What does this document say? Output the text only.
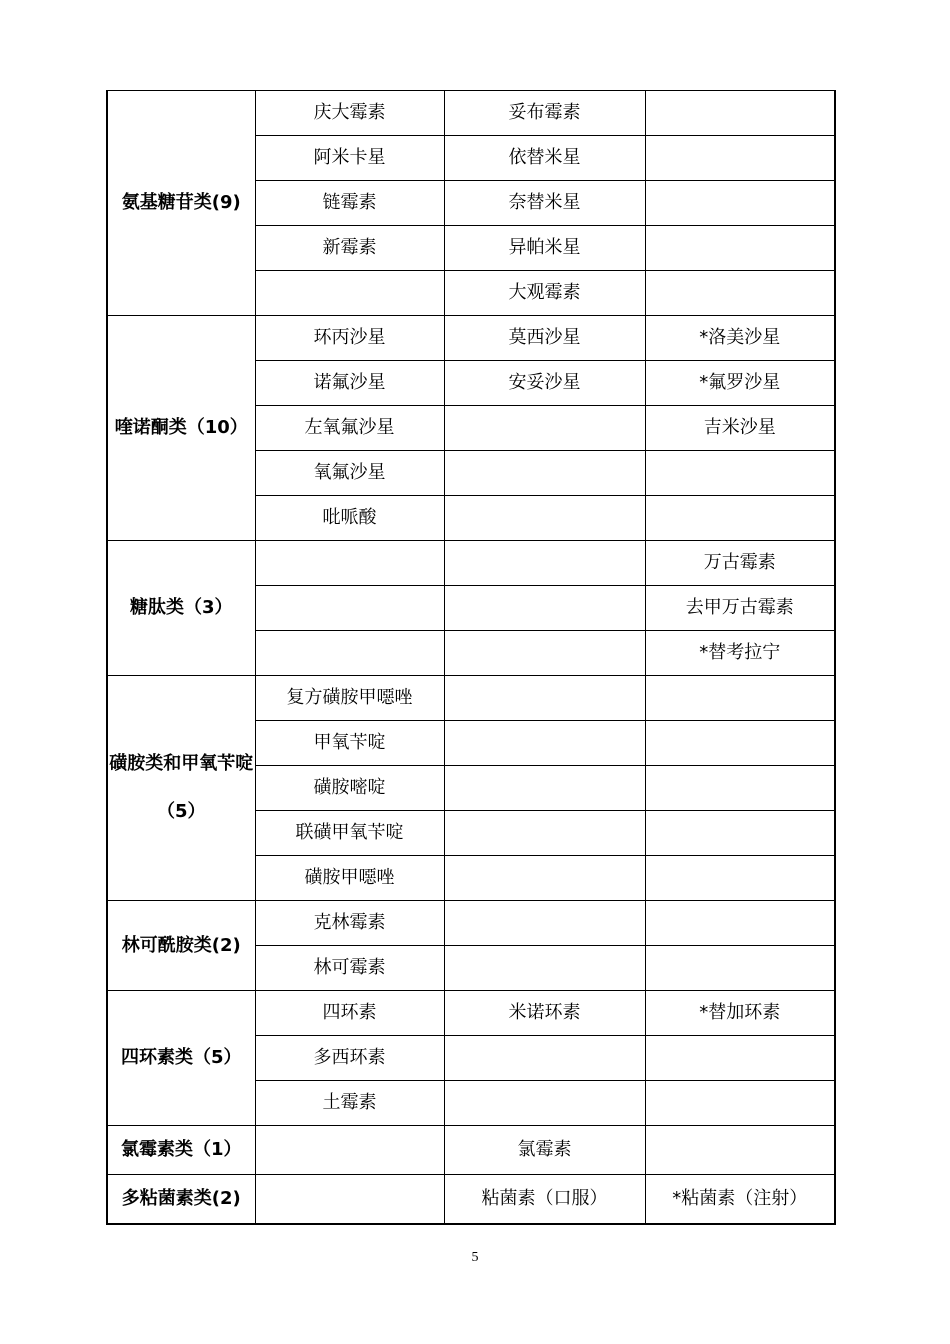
氨基糖苷类(9)	庆大霉素	妥布霉素	
	阿米卡星	依替米星	
	链霉素	奈替米星	
	新霉素	异帕米星	
		大观霉素	
喹诺酮类（10）	环丙沙星	莫西沙星	*洛美沙星
	诺氟沙星	安妥沙星	*氟罗沙星
	左氧氟沙星		吉米沙星
	氧氟沙星		
	吡哌酸		
糖肽类（3）			万古霉素
			去甲万古霉素
			*替考拉宁
磺胺类和甲氧苄啶（5）	复方磺胺甲噁唑		
	甲氧苄啶		
	磺胺嘧啶		
	联磺甲氧苄啶		
	磺胺甲噁唑		
林可酰胺类(2)	克林霉素		
	林可霉素		
四环素类（5）	四环素	米诺环素	*替加环素
	多西环素		
	土霉素		
氯霉素类（1）		氯霉素	
多粘菌素类(2)		粘菌素（口服）	*粘菌素（注射）
5
